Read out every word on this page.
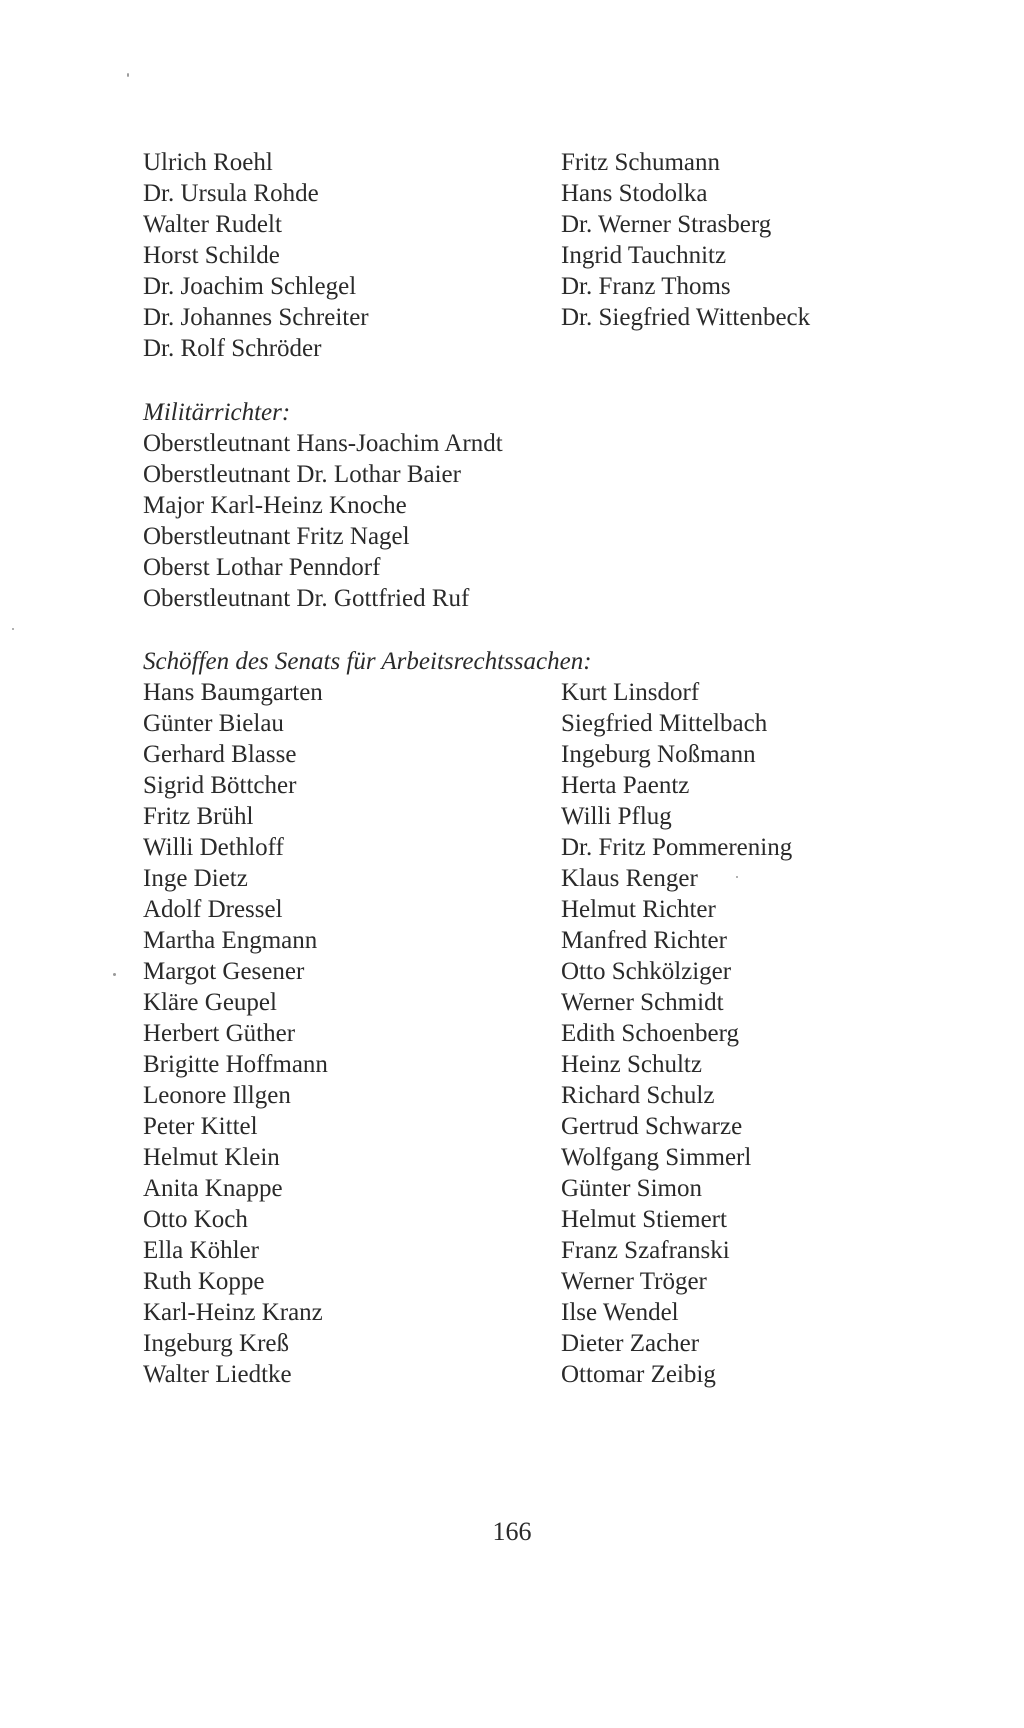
Ulrich Roehl
Dr. Ursula Rohde
Walter Rudelt
Horst Schilde
Dr. Joachim Schlegel
Dr. Johannes Schreiter
Dr. Rolf Schröder
Fritz Schumann
Hans Stodolka
Dr. Werner Strasberg
Ingrid Tauchnitz
Dr. Franz Thoms
Dr. Siegfried Wittenbeck
Militärrichter:
Oberstleutnant Hans-Joachim Arndt
Oberstleutnant Dr. Lothar Baier
Major Karl-Heinz Knoche
Oberstleutnant Fritz Nagel
Oberst Lothar Penndorf
Oberstleutnant Dr. Gottfried Ruf
Schöffen des Senats für Arbeitsrechtssachen:
Hans Baumgarten
Günter Bielau
Gerhard Blasse
Sigrid Böttcher
Fritz Brühl
Willi Dethloff
Inge Dietz
Adolf Dressel
Martha Engmann
Margot Gesener
Kläre Geupel
Herbert Güther
Brigitte Hoffmann
Leonore Illgen
Peter Kittel
Helmut Klein
Anita Knappe
Otto Koch
Ella Köhler
Ruth Koppe
Karl-Heinz Kranz
Ingeburg Kreß
Walter Liedtke
Kurt Linsdorf
Siegfried Mittelbach
Ingeburg Noßmann
Herta Paentz
Willi Pflug
Dr. Fritz Pommerening
Klaus Renger
Helmut Richter
Manfred Richter
Otto Schkölziger
Werner Schmidt
Edith Schoenberg
Heinz Schultz
Richard Schulz
Gertrud Schwarze
Wolfgang Simmerl
Günter Simon
Helmut Stiemert
Franz Szafranski
Werner Tröger
Ilse Wendel
Dieter Zacher
Ottomar Zeibig
166
